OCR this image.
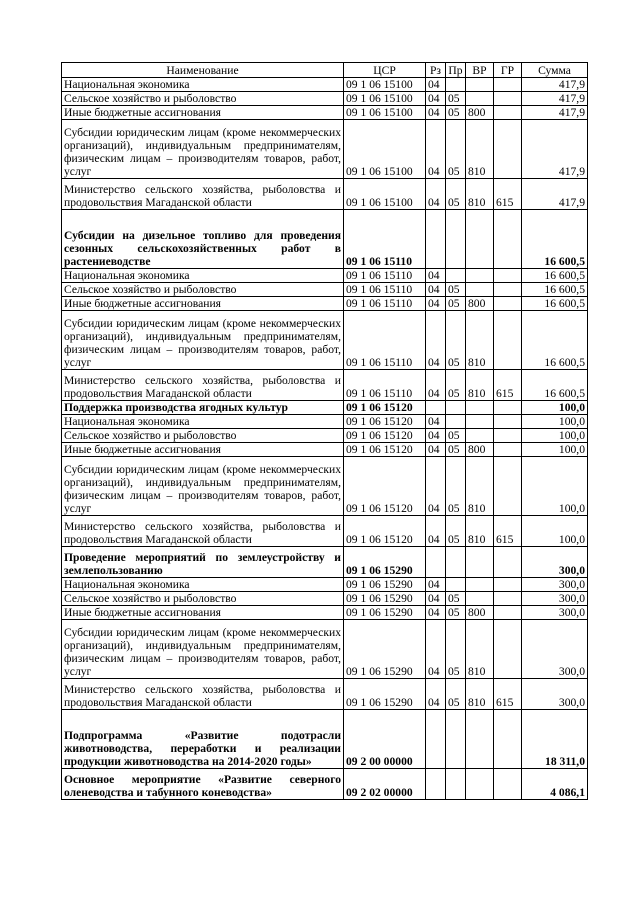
Наименование	ЦСР	Рз	Пр	ВР	ГР	Сумма
Национальная экономика	09 1 06 15100	04				417,9
Сельское хозяйство и рыболовство	09 1 06 15100	04	05			417,9
Иные бюджетные ассигнования	09 1 06 15100	04	05	800		417,9
Субсидии юридическим лицам (кроме некоммерческих организаций), индивидуальным предпринимателям, физическим лицам – производителям товаров, работ, услуг	09 1 06 15100	04	05	810		417,9
Министерство сельского хозяйства, рыболовства и продовольствия Магаданской области	09 1 06 15100	04	05	810	615	417,9
Субсидии на дизельное топливо для проведения сезонных сельскохозяйственных работ в растениеводстве	09 1 06 15110					16 600,5
Национальная экономика	09 1 06 15110	04				16 600,5
Сельское хозяйство и рыболовство	09 1 06 15110	04	05			16 600,5
Иные бюджетные ассигнования	09 1 06 15110	04	05	800		16 600,5
Субсидии юридическим лицам (кроме некоммерческих организаций), индивидуальным предпринимателям, физическим лицам – производителям товаров, работ, услуг	09 1 06 15110	04	05	810		16 600,5
Министерство сельского хозяйства, рыболовства и продовольствия Магаданской области	09 1 06 15110	04	05	810	615	16 600,5
Поддержка производства ягодных культур	09 1 06 15120					100,0
Национальная экономика	09 1 06 15120	04				100,0
Сельское хозяйство и рыболовство	09 1 06 15120	04	05			100,0
Иные бюджетные ассигнования	09 1 06 15120	04	05	800		100,0
Субсидии юридическим лицам (кроме некоммерческих организаций), индивидуальным предпринимателям, физическим лицам – производителям товаров, работ, услуг	09 1 06 15120	04	05	810		100,0
Министерство сельского хозяйства, рыболовства и продовольствия Магаданской области	09 1 06 15120	04	05	810	615	100,0
Проведение мероприятий по землеустройству и землепользованию	09 1 06 15290					300,0
Национальная экономика	09 1 06 15290	04				300,0
Сельское хозяйство и рыболовство	09 1 06 15290	04	05			300,0
Иные бюджетные ассигнования	09 1 06 15290	04	05	800		300,0
Субсидии юридическим лицам (кроме некоммерческих организаций), индивидуальным предпринимателям, физическим лицам – производителям товаров, работ, услуг	09 1 06 15290	04	05	810		300,0
Министерство сельского хозяйства, рыболовства и продовольствия Магаданской области	09 1 06 15290	04	05	810	615	300,0
Подпрограмма «Развитие подотрасли животноводства, переработки и реализации продукции животноводства на 2014-2020 годы»	09 2 00 00000					18 311,0
Основное мероприятие «Развитие северного оленеводства и табунного коневодства»	09 2 02 00000					4 086,1
